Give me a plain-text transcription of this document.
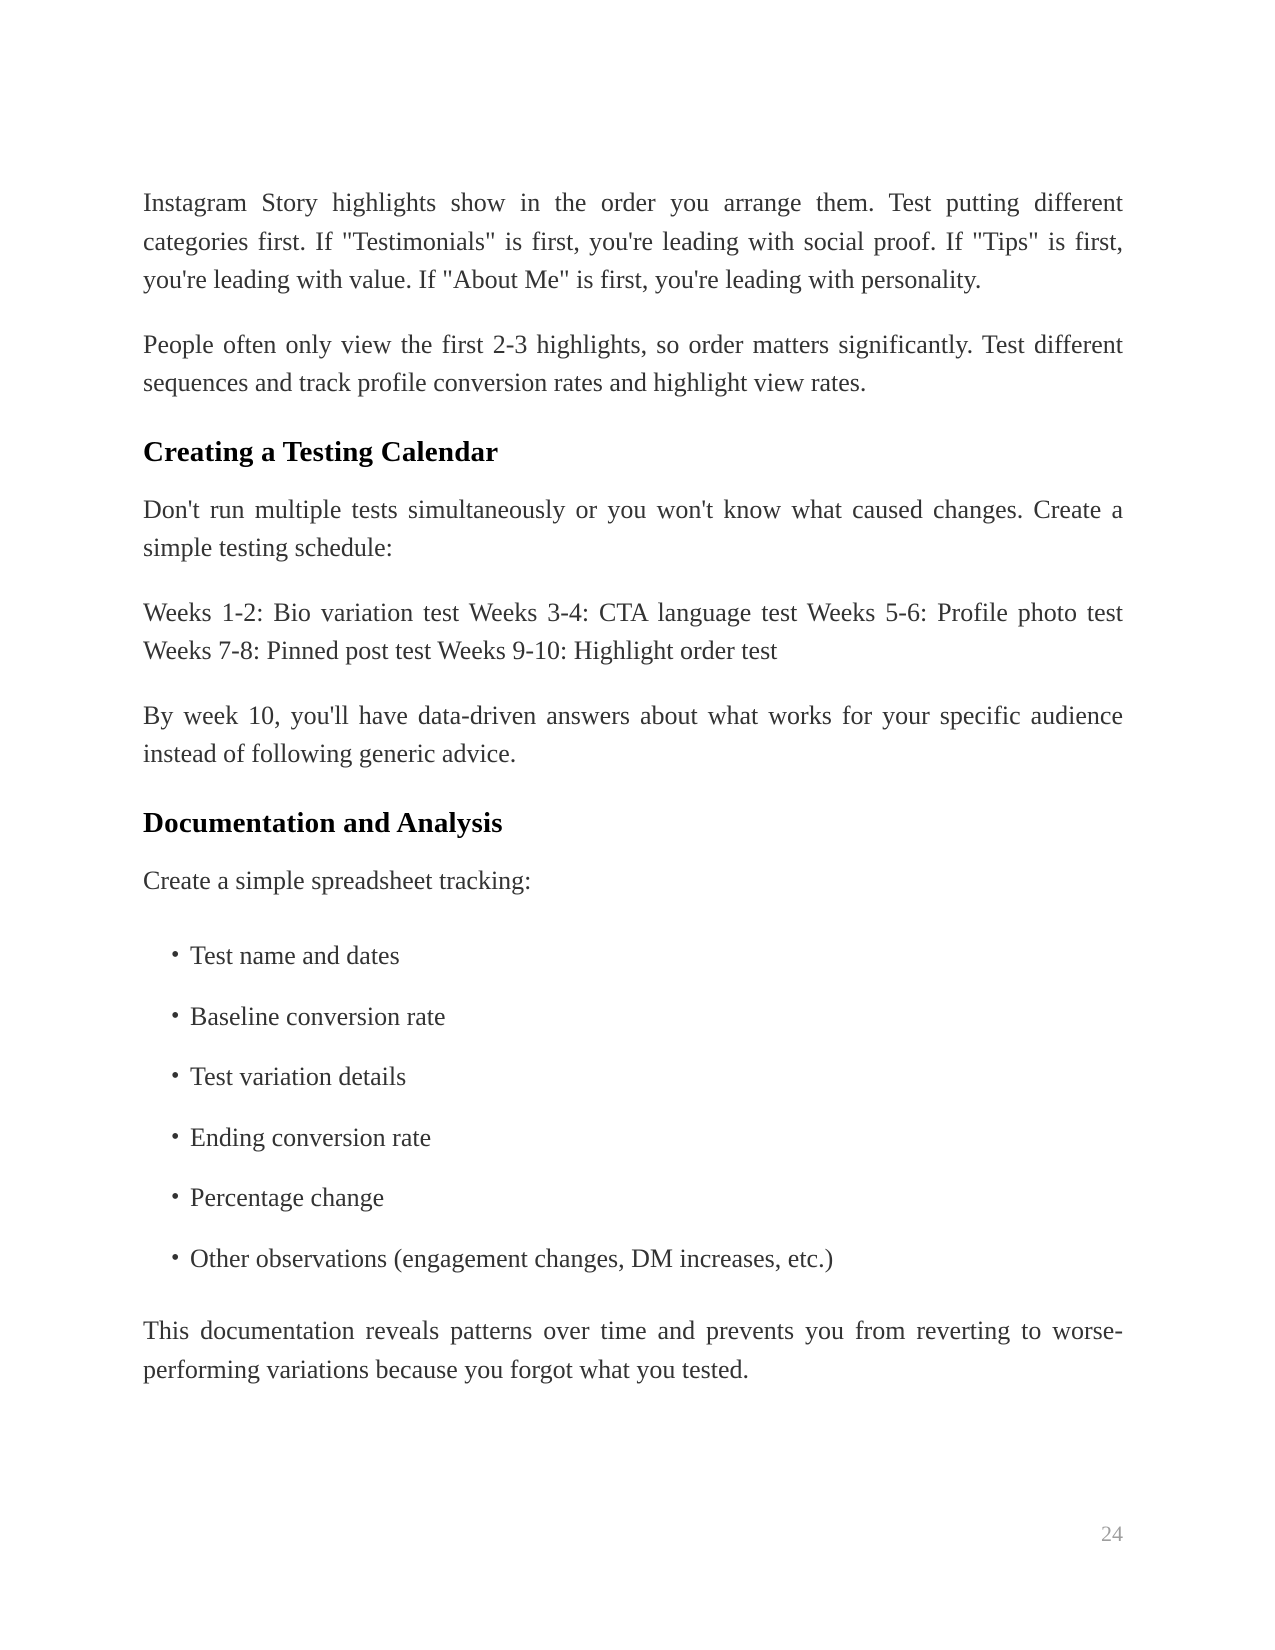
Instagram Story highlights show in the order you arrange them. Test putting different categories first. If "Testimonials" is first, you're leading with social proof. If "Tips" is first, you're leading with value. If "About Me" is first, you're leading with personality.

People often only view the first 2-3 highlights, so order matters significantly. Test different sequences and track profile conversion rates and highlight view rates.

Creating a Testing Calendar

Don't run multiple tests simultaneously or you won't know what caused changes. Create a simple testing schedule:

Weeks 1-2: Bio variation test Weeks 3-4: CTA language test Weeks 5-6: Profile photo test Weeks 7-8: Pinned post test Weeks 9-10: Highlight order test

By week 10, you'll have data-driven answers about what works for your specific audience instead of following generic advice.

Documentation and Analysis

Create a simple spreadsheet tracking:

• Test name and dates
• Baseline conversion rate
• Test variation details
• Ending conversion rate
• Percentage change
• Other observations (engagement changes, DM increases, etc.)

This documentation reveals patterns over time and prevents you from reverting to worse-performing variations because you forgot what you tested.

24
